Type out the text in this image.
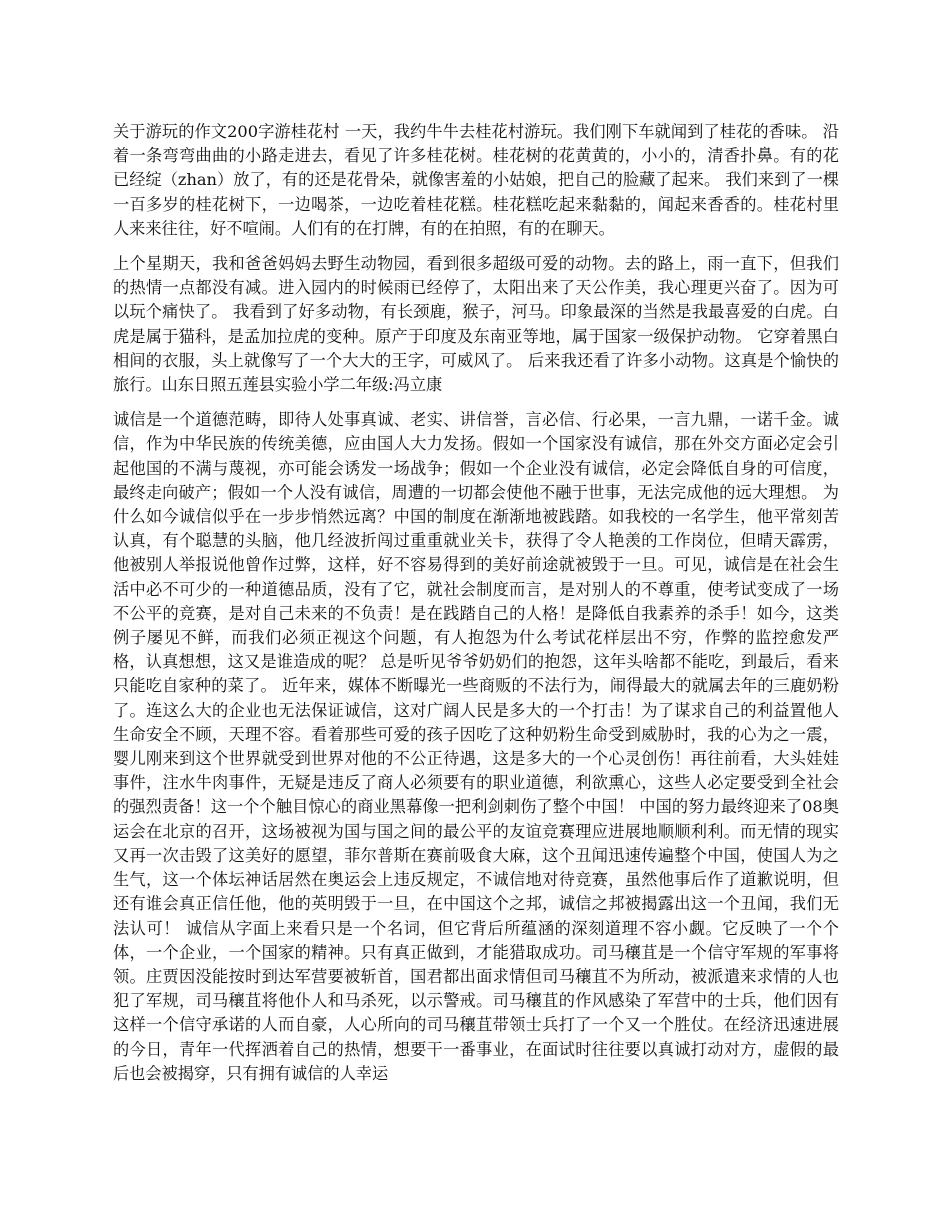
关于游玩的作文200字游桂花村 一天，我约牛牛去桂花村游玩。我们刚下车就闻到了桂花的香味。 沿着一条弯弯曲曲的小路走进去，看见了许多桂花树。桂花树的花黄黄的，小小的，清香扑鼻。有的花已经绽（zhan）放了，有的还是花骨朵，就像害羞的小姑娘，把自己的脸藏了起来。 我们来到了一棵一百多岁的桂花树下，一边喝茶，一边吃着桂花糕。桂花糕吃起来黏黏的，闻起来香香的。桂花村里人来来往往，好不喧闹。人们有的在打牌，有的在拍照，有的在聊天。

上个星期天，我和爸爸妈妈去野生动物园，看到很多超级可爱的动物。去的路上，雨一直下，但我们的热情一点都没有减。进入园内的时候雨已经停了，太阳出来了天公作美，我心理更兴奋了。因为可以玩个痛快了。 我看到了好多动物，有长颈鹿，猴子，河马。印象最深的当然是我最喜爱的白虎。白虎是属于猫科，是孟加拉虎的变种。原产于印度及东南亚等地，属于国家一级保护动物。 它穿着黑白相间的衣服，头上就像写了一个大大的王字，可威风了。 后来我还看了许多小动物。这真是个愉快的旅行。山东日照五莲县实验小学二年级:冯立康

诚信是一个道德范畴，即待人处事真诚、老实、讲信誉，言必信、行必果，一言九鼎，一诺千金。诚信，作为中华民族的传统美德，应由国人大力发扬。假如一个国家没有诚信，那在外交方面必定会引起他国的不满与蔑视，亦可能会诱发一场战争；假如一个企业没有诚信，必定会降低自身的可信度，最终走向破产；假如一个人没有诚信，周遭的一切都会使他不融于世事，无法完成他的远大理想。 为什么如今诚信似乎在一步步悄然远离？中国的制度在渐渐地被践踏。如我校的一名学生，他平常刻苦认真，有个聪慧的头脑，他几经波折闯过重重就业关卡，获得了令人艳羡的工作岗位，但晴天霹雳，他被别人举报说他曾作过弊，这样，好不容易得到的美好前途就被毁于一旦。可见，诚信是在社会生活中必不可少的一种道德品质，没有了它，就社会制度而言，是对别人的不尊重，使考试变成了一场不公平的竞赛，是对自己未来的不负责！是在践踏自己的人格！是降低自我素养的杀手！如今，这类例子屡见不鲜，而我们必须正视这个问题，有人抱怨为什么考试花样层出不穷，作弊的监控愈发严格，认真想想，这又是谁造成的呢？ 总是听见爷爷奶奶们的抱怨，这年头啥都不能吃，到最后，看来只能吃自家种的菜了。 近年来，媒体不断曝光一些商贩的不法行为，闹得最大的就属去年的三鹿奶粉了。连这么大的企业也无法保证诚信，这对广阔人民是多大的一个打击！为了谋求自己的利益置他人生命安全不顾，天理不容。看着那些可爱的孩子因吃了这种奶粉生命受到威胁时，我的心为之一震，婴儿刚来到这个世界就受到世界对他的不公正待遇，这是多大的一个心灵创伤！再往前看，大头娃娃事件，注水牛肉事件，无疑是违反了商人必须要有的职业道德，利欲熏心，这些人必定要受到全社会的强烈责备！这一个个触目惊心的商业黑幕像一把利剑刺伤了整个中国！ 中国的努力最终迎来了08奥运会在北京的召开，这场被视为国与国之间的最公平的友谊竞赛理应进展地顺顺利利。而无情的现实又再一次击毁了这美好的愿望，菲尔普斯在赛前吸食大麻，这个丑闻迅速传遍整个中国，使国人为之生气，这一个体坛神话居然在奥运会上违反规定，不诚信地对待竞赛，虽然他事后作了道歉说明，但还有谁会真正信任他，他的英明毁于一旦，在中国这个之邦，诚信之邦被揭露出这一个丑闻，我们无法认可！ 诚信从字面上来看只是一个名词，但它背后所蕴涵的深刻道理不容小觑。它反映了一个个体，一个企业，一个国家的精神。只有真正做到，才能猎取成功。司马穰苴是一个信守军规的军事将领。庄贾因没能按时到达军营要被斩首，国君都出面求情但司马穰苴不为所动，被派遣来求情的人也犯了军规，司马穰苴将他仆人和马杀死，以示警戒。司马穰苴的作风感染了军营中的士兵，他们因有这样一个信守承诺的人而自豪，人心所向的司马穰苴带领士兵打了一个又一个胜仗。在经济迅速进展的今日，青年一代挥洒着自己的热情，想要干一番事业，在面试时往往要以真诚打动对方，虚假的最后也会被揭穿，只有拥有诚信的人幸运
